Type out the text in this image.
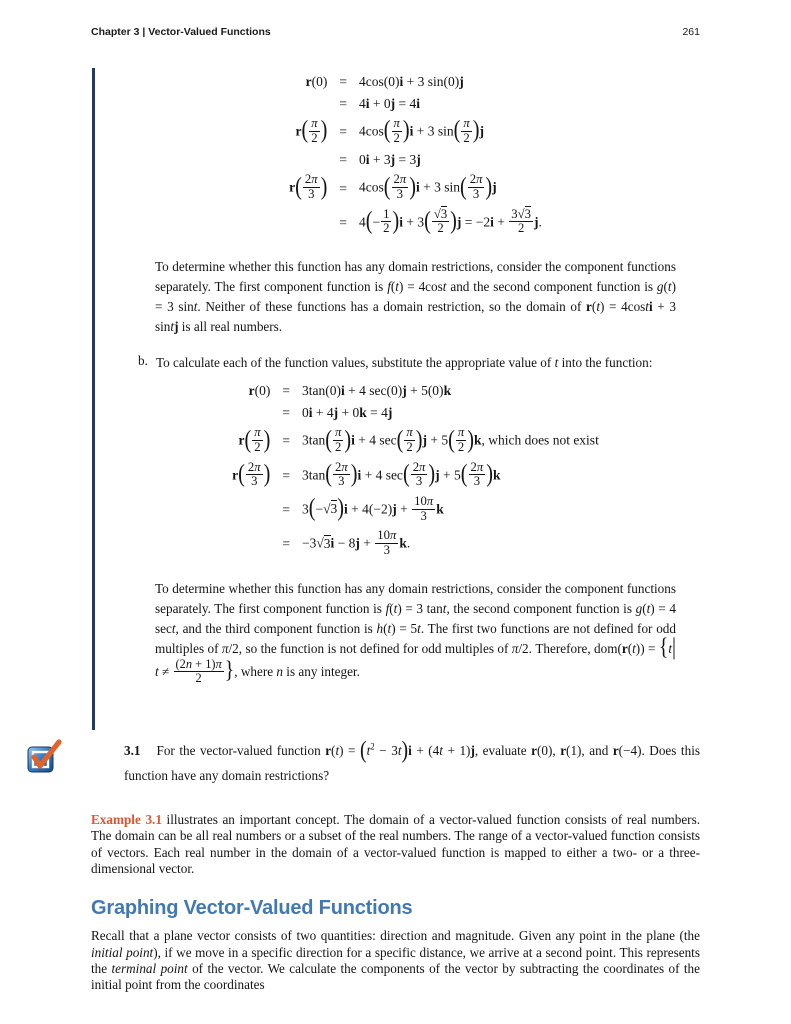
Chapter 3 | Vector-Valued Functions	261
r(0)	=	4cos(0)i + 3 sin(0)j
	=	4i + 0j = 4i
$r( \frac{\pi}{2}$ )	=	$4\cos( \frac{\pi}{2} )i + 3$ $\sin( \frac{\pi}{2} )j$
	=	0i + 3j = 3j
$r( \frac{2\pi}{3}$ )	=	$4\cos( \frac{2\pi}{3} )i + 3$ $\sin( \frac{2\pi}{3} )j$
	=	$4(- \frac{1}{2} )i + 3( \frac{√3}{2} )j = -2i + \frac{3√3}{2} j$.

To determine whether this function has any domain restrictions, consider the component functions separately. The first component function is f(t) = 4cost and the second component function is g(t) = 3 sint. Neither of these functions has a domain restriction, so the domain of r(t) = 4costi + 3 sintj is all real numbers.

b. To calculate each of the function values, substitute the appropriate value of t into the function:

r(0)	=	3tan(0)i + 4 sec(0)j + 5(0)k
	=	0i + 4j + 0k = 4j
$r( \frac{\pi}{2}$ )	=	$3\tan( \frac{\pi}{2} )i + 4$ $\sec( \frac{\pi}{2} )j + 5( \frac{\pi}{2} )k$, which does not exist
$r( \frac{2\pi}{3}$ )	=	$3\tan( \frac{2\pi}{3} )i + 4$ $\sec( \frac{2\pi}{3} )j + 5( \frac{2\pi}{3} )k$
	=	$3(-√3)i + 4(-2)j + \frac{10\pi}{3}$ k
	=	$-3√3i - 8j + \frac{10\pi}{3} k$.

To determine whether this function has any domain restrictions, consider the component functions separately. The first component function is f(t) = 3 tant, the second component function is g(t) = 4 sect, and the third component function is h(t) = 5t. The first two functions are not defined for odd multiples of π/2, so the function is not defined for odd multiples of π/2. Therefore, $dom(r(t)) = \{t|t \ne \frac{(2n + 1)\pi}{2}$ }, where n is any integer.

3.1 For the vector-valued function $r(t) = (t^2 - 3t)i + (4t + 1)j$, evaluate r(0), r(1), and r(−4). Does this function have any domain restrictions?

Example 3.1 illustrates an important concept. The domain of a vector-valued function consists of real numbers. The domain can be all real numbers or a subset of the real numbers. The range of a vector-valued function consists of vectors. Each real number in the domain of a vector-valued function is mapped to either a two- or a three-dimensional vector.

Graphing Vector-Valued Functions

Recall that a plane vector consists of two quantities: direction and magnitude. Given any point in the plane (the initial point), if we move in a specific direction for a specific distance, we arrive at a second point. This represents the terminal point of the vector. We calculate the components of the vector by subtracting the coordinates of the initial point from the coordinates
